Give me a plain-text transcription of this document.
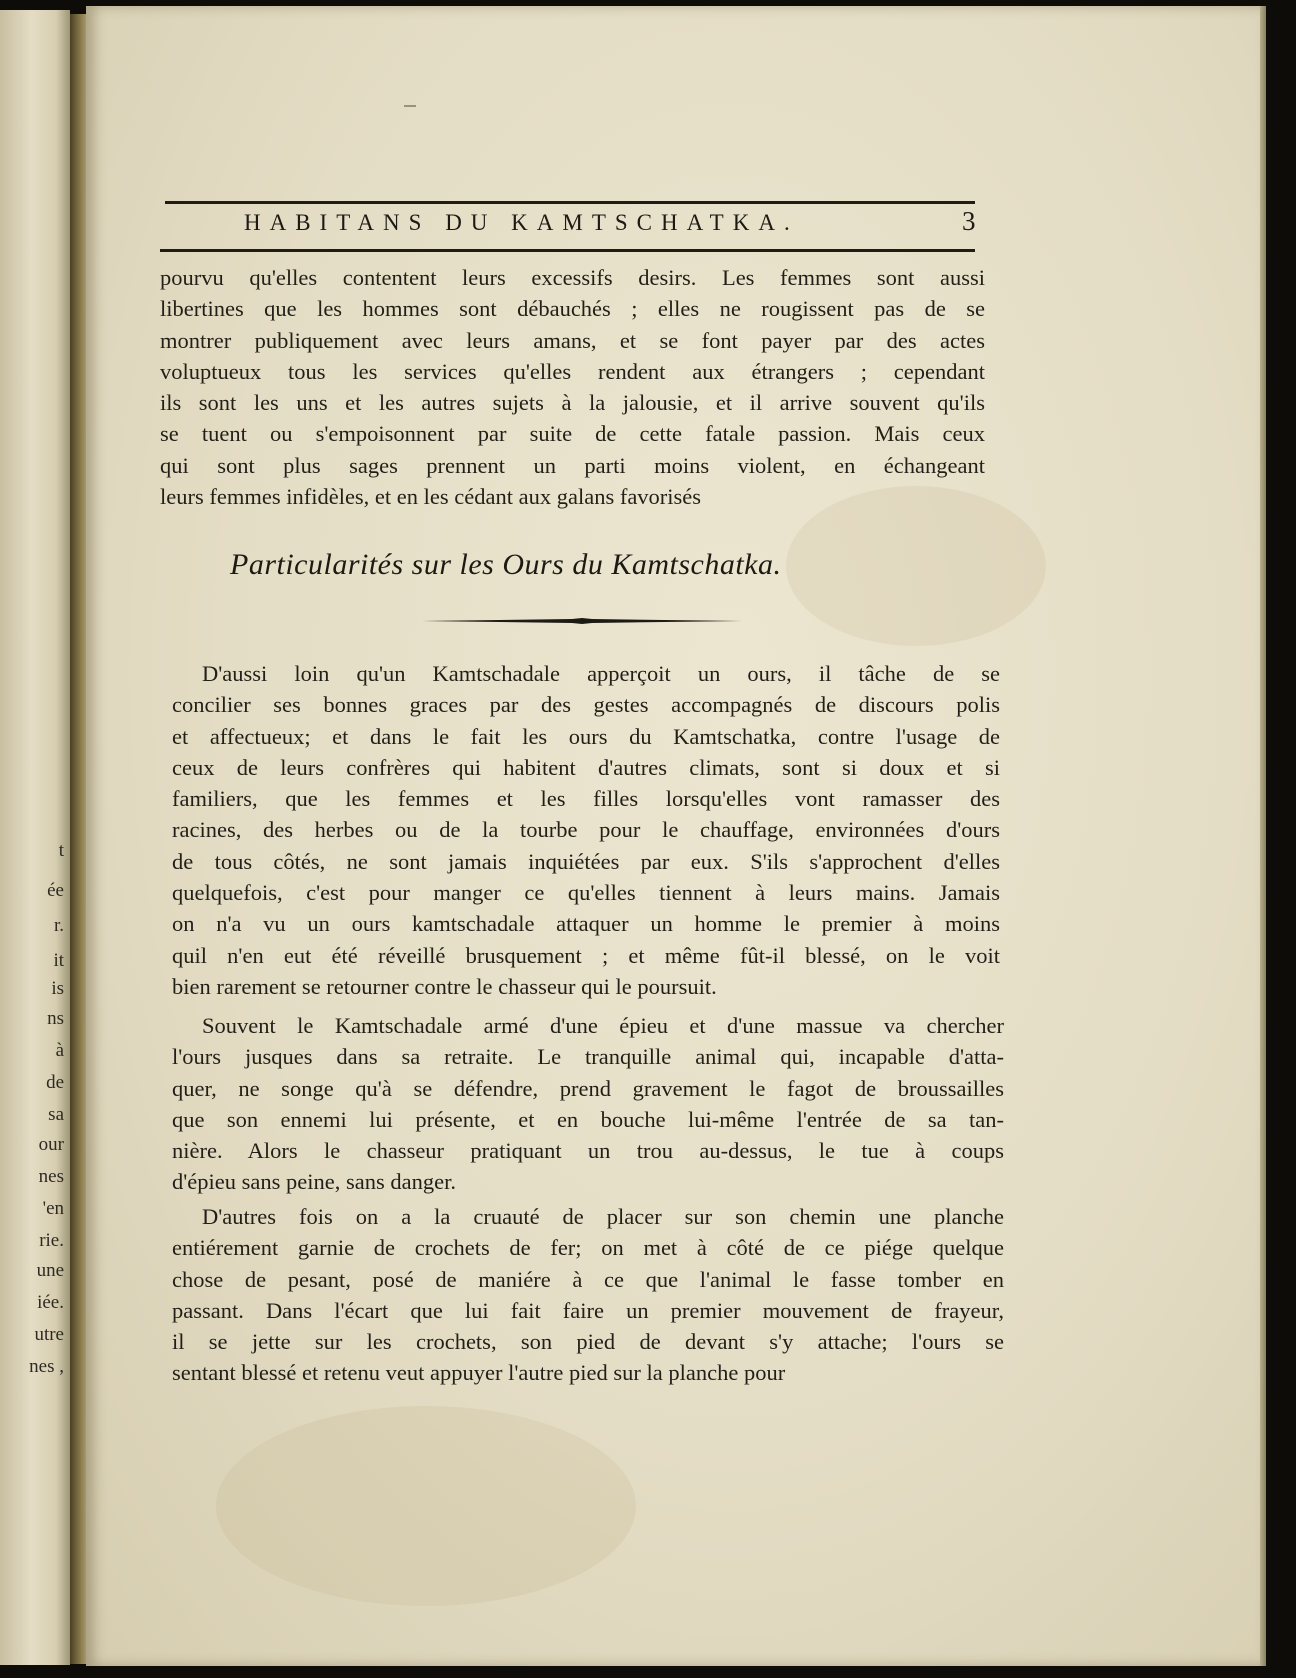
t
ée
r.
it
is
ns
à
de
sa
our
nes
'en
rie.
une
iée.
utre
nes ,
HABITANS DU KAMTSCHATKA.	3
pourvu qu'elles contentent leurs excessifs desirs. Les femmes sont aussi
libertines que les hommes sont débauchés ; elles ne rougissent pas de se
montrer publiquement avec leurs amans, et se font payer par des actes
voluptueux tous les services qu'elles rendent aux étrangers ; cependant
ils sont les uns et les autres sujets à la jalousie, et il arrive souvent qu'ils
se tuent ou s'empoisonnent par suite de cette fatale passion. Mais ceux
qui sont plus sages prennent un parti moins violent, en échangeant
leurs femmes infidèles, et en les cédant aux galans favorisés
Particularités sur les Ours du Kamtschatka.
D'aussi loin qu'un Kamtschadale apperçoit un ours, il tâche de se
concilier ses bonnes graces par des gestes accompagnés de discours polis
et affectueux; et dans le fait les ours du Kamtschatka, contre l'usage de
ceux de leurs confrères qui habitent d'autres climats, sont si doux et si
familiers, que les femmes et les filles lorsqu'elles vont ramasser des
racines, des herbes ou de la tourbe pour le chauffage, environnées d'ours
de tous côtés, ne sont jamais inquiétées par eux. S'ils s'approchent d'elles
quelquefois, c'est pour manger ce qu'elles tiennent à leurs mains. Jamais
on n'a vu un ours kamtschadale attaquer un homme le premier à moins
quil n'en eut été réveillé brusquement ; et même fût-il blessé, on le voit
bien rarement se retourner contre le chasseur qui le poursuit.
Souvent le Kamtschadale armé d'une épieu et d'une massue va chercher
l'ours jusques dans sa retraite. Le tranquille animal qui, incapable d'atta-
quer, ne songe qu'à se défendre, prend gravement le fagot de broussailles
que son ennemi lui présente, et en bouche lui-même l'entrée de sa tan-
nière. Alors le chasseur pratiquant un trou au-dessus, le tue à coups
d'épieu sans peine, sans danger.
D'autres fois on a la cruauté de placer sur son chemin une planche
entiérement garnie de crochets de fer; on met à côté de ce piége quelque
chose de pesant, posé de maniére à ce que l'animal le fasse tomber en
passant. Dans l'écart que lui fait faire un premier mouvement de frayeur,
il se jette sur les crochets, son pied de devant s'y attache; l'ours se
sentant blessé et retenu veut appuyer l'autre pied sur la planche pour
